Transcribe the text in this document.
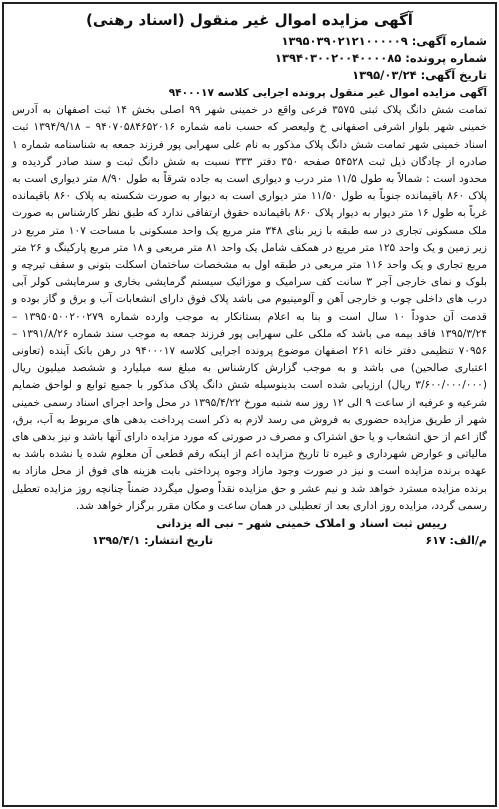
آگهی مزایده اموال غیر منقول (اسناد رهنی)
شماره آگهی: ۱۳۹۵۰۳۹۰۲۱۲۱۰۰۰۰۰۹
شماره پرونده: ۱۳۹۴۰۳۰۰۲۰۰۴۰۰۰۰۸۵
تاریخ آگهی: ۱۳۹۵/۰۳/۲۴
آگهی مزایده اموال غیر منقول پرونده اجرایی کلاسه ۹۴۰۰۰۱۷
تمامت شش دانگ پلاک ثبتی ۳۵۷۵ فرعی واقع در خمینی شهر ۹۹ اصلی بخش ۱۴ ثبت اصفهان به آدرس خمینی شهر بلوار اشرفی اصفهانی خ ولیعصر که حسب نامه شماره ۹۴۰۷۰۵۸۴۶۵۲۰۱۶ – ۱۳۹۴/۹/۱۸ ثبت اسناد خمینی شهر تمامت شش دانگ پلاک مذکور به نام علی سهرابی پور فرزند جمعه به شناسنامه شماره ۱ صادره از چادگان ذیل ثبت ۵۴۵۲۸ صفحه ۳۵۰ دفتر ۳۳۳ نسبت به شش دانگ ثبت و سند صادر گردیده و محدود است : شمالاً به طول ۱۱/۵ متر درب و دیواری است به جاده شرقاً به طول ۸/۹۰ متر دیواری است به پلاک ۸۶۰ باقیمانده جنوباً به طول ۱۱/۵۰ متر دیواری است به دیوار به صورت شکسته به پلاک ۸۶۰ باقیمانده غرباً به طول ۱۶ متر دیوار به دیوار پلاک ۸۶۰ باقیمانده حقوق ارتفاقی ندارد که طبق نظر کارشناس به صورت ملک مسکونی تجاری در سه طبقه با زیر بنای ۳۴۸ متر مربع یک واحد مسکونی با مساحت ۱۰۷ متر مربع در زیر زمین و یک واحد ۱۲۵ متر مربع در همکف شامل یک واحد ۸۱ متر مربعی و ۱۸ متر مربع پارکینگ و ۲۶ متر مربع تجاری و یک واحد ۱۱۶ متر مربعی در طبقه اول به مشخصات ساختمان اسکلت بتونی و سقف تیرچه و بلوک و نمای خارجی آجر ۳ سانت کف سرامیک و موزائیک سیستم گرمایشی بخاری و سرمایشی کولر آبی درب های داخلی چوب و خارجی آهن و آلومینیوم می باشد پلاک فوق دارای انشعابات آب و برق و گاز بوده و قدمت آن حدوداً ۱۰ سال است و بنا به اعلام بستانکار به موجب وارده شماره ۱۳۹۵۰۵۰۰۲۰۰۲۷۹ – ۱۳۹۵/۳/۲۴ فاقد بیمه می باشد که ملکی علی سهرابی پور فرزند جمعه به موجب سند شماره ۱۳۹۱/۸/۲۶ – ۷۰۹۵۶ تنظیمی دفتر خانه ۲۶۱ اصفهان موضوع پرونده اجرایی کلاسه ۹۴۰۰۰۱۷ در رهن بانک آینده (تعاونی اعتباری صالحین) می باشد و به موجب گزارش کارشناس به مبلغ سه میلیارد و ششصد میلیون ریال (۳/۶۰۰/۰۰۰/۰۰۰ ریال) ارزیابی شده است بدینوسیله شش دانگ پلاک مذکور با جمیع توابع و لواحق ضمایم شرعیه و عرفیه از ساعت ۹ الی ۱۲ روز سه شنبه مورخ ۱۳۹۵/۴/۲۲ در محل واحد اجرای اسناد رسمی خمینی شهر از طریق مزایده حضوری به فروش می رسد لازم به ذکر است پرداخت بدهی های مربوط به آب، برق، گاز اعم از حق انشعاب و یا حق اشتراک و مصرف در صورتی که مورد مزایده دارای آنها باشد و نیز بدهی های مالیاتی و عوارض شهرداری و غیره تا تاریخ مزایده اعم از اینکه رقم قطعی آن معلوم شده یا نشده باشد به عهده برنده مزایده است و نیز در صورت وجود مازاد وجوه پرداختی بابت هزینه های فوق از محل مازاد به برنده مزایده مسترد خواهد شد و نیم عشر و حق مزایده نقداً وصول میگردد ضمناً چنانچه روز مزایده تعطیل رسمی گردد، مزایده روز اداری بعد از تعطیلی در همان ساعت و مکان مقرر برگزار خواهد شد.
رییس ثبت اسناد و املاک خمینی شهر – نبی اله یزدانی
م/الف: ۶۱۷
تاریخ انتشار: ۱۳۹۵/۴/۱
